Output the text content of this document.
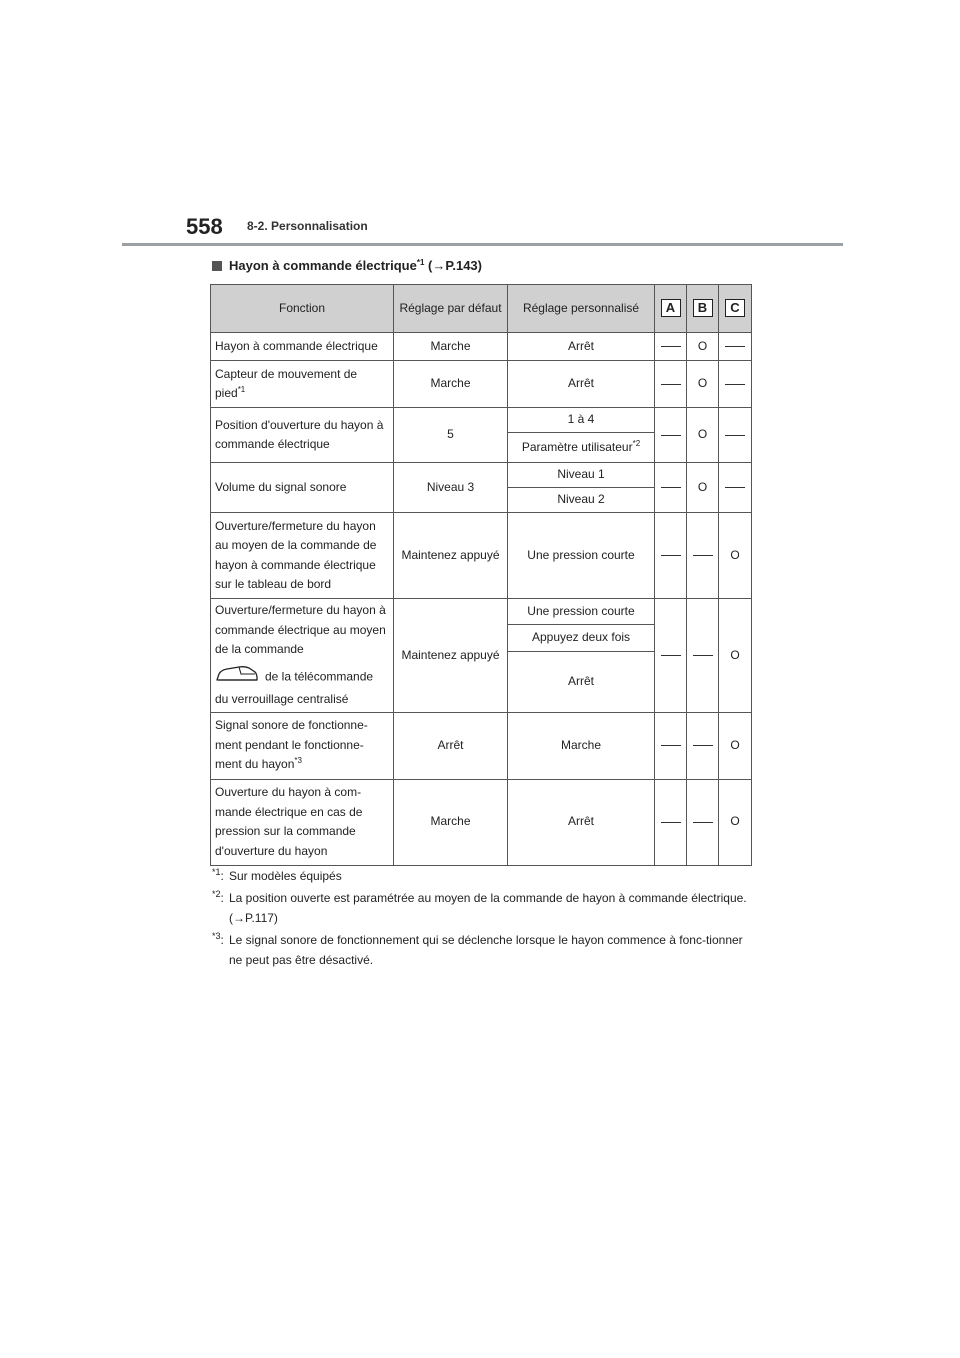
558 8-2. Personnalisation
Hayon à commande électrique$^{*1}$ (→P.143)
Fonction	Réglage par défaut	Réglage personnalisé	A	B	C
Hayon à commande électrique	Marche	Arrêt		O	
Capteur de mouvement de pied$^{*1}$	Marche	Arrêt		O	
Position d'ouverture du hayon à commande électrique	5	1 à 4		O	
		Paramètre utilisateur$^{*2}$
Volume du signal sonore	Niveau 3	Niveau 1		O	
		Niveau 2			
Ouverture/fermeture du hayon au moyen de la commande de hayon à commande électrique sur le tableau de bord	Maintenez appuyé	Une pression courte			O

Ouverture/fermeture du hayon à commande électrique au moyen de la commande
de la télécommande du verrouillage centralisé	Maintenez appuyé	Une pression courte			O
		Appuyez deux fois			
		Arrêt			
Signal sonore de fonctionne-ment pendant le fonctionne-ment du hayon$^{*3}$	Arrêt	Marche			O
Ouverture du hayon à com-mande électrique en cas de pression sur la commande d'ouverture du hayon	Marche	Arrêt			O
$^{*1}$: Sur modèles équipés
$^{*2}$: La position ouverte est paramétrée au moyen de la commande de hayon à commande électrique. (→P.117)
$^{*3}$: Le signal sonore de fonctionnement qui se déclenche lorsque le hayon commence à fonc-tionner ne peut pas être désactivé.
